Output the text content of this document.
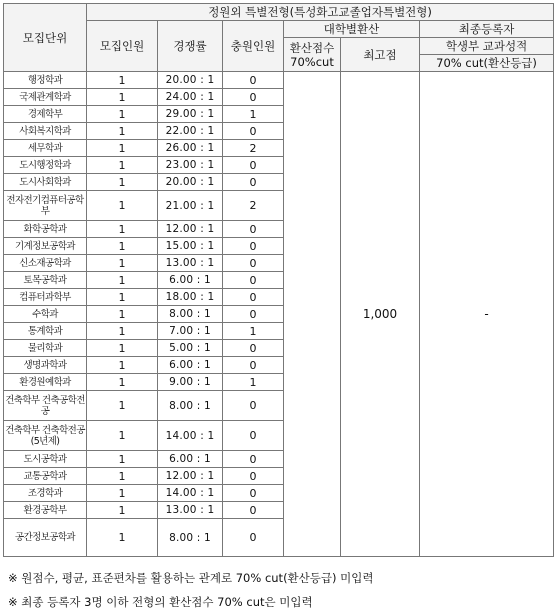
모집단위	정원외 특별전형(특성화고교졸업자특별전형)					
	모집인원	경쟁률	충원인원	대학별환산		최종등록자

				환산점수
70%cut	최고점	학생부 교과성적
						70% cut(환산등급)
행정학과	1	20.00 : 1	0		1,000	-
국제관계학과	1	24.00 : 1	0			
경제학부	1	29.00 : 1	1			
사회복지학과	1	22.00 : 1	0			
세무학과	1	26.00 : 1	2			
도시행정학과	1	23.00 : 1	0			
도시사회학과	1	20.00 : 1	0			
전자전기컴퓨터공학부	1	21.00 : 1	2			
화학공학과	1	12.00 : 1	0			
기계정보공학과	1	15.00 : 1	0			
신소재공학과	1	13.00 : 1	0			
토목공학과	1	6.00 : 1	0			
컴퓨터과학부	1	18.00 : 1	0			
수학과	1	8.00 : 1	0			
통계학과	1	7.00 : 1	1			
물리학과	1	5.00 : 1	0			
생명과학과	1	6.00 : 1	0			
환경원예학과	1	9.00 : 1	1			
건축학부 건축공학전공	1	8.00 : 1	0			
건축학부 건축학전공(5년제)	1	14.00 : 1	0			
도시공학과	1	6.00 : 1	0			
교통공학과	1	12.00 : 1	0			
조경학과	1	14.00 : 1	0			
환경공학부	1	13.00 : 1	0			
공간정보공학과	1	8.00 : 1	0			
※ 원점수, 평균, 표준편차를 활용하는 관계로 70% cut(환산등급) 미입력
※ 최종 등록자 3명 이하 전형의 환산점수 70% cut은 미입력
